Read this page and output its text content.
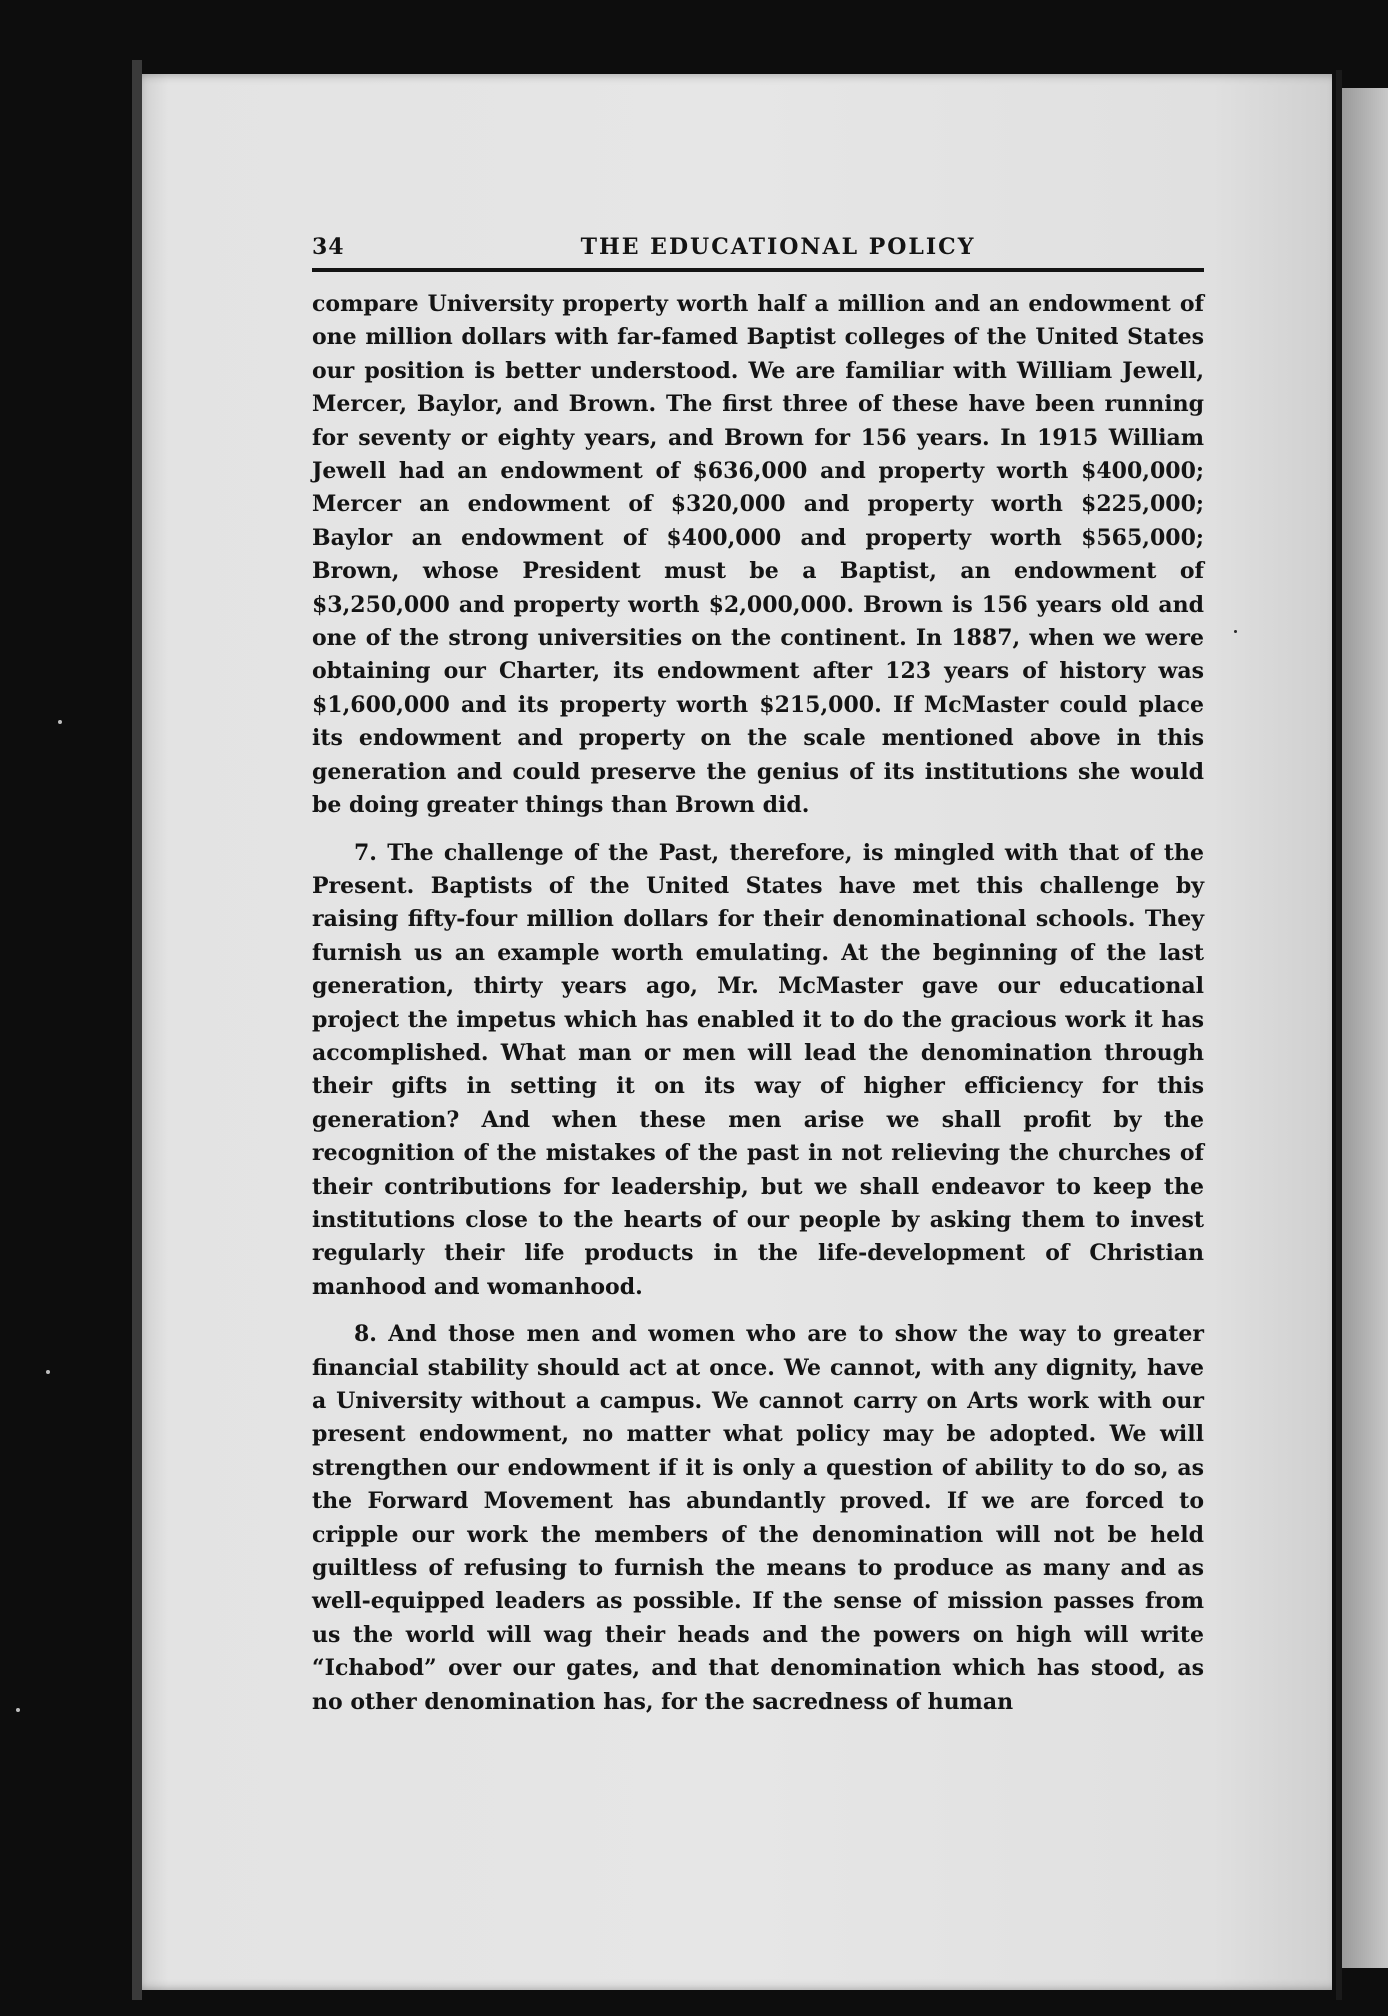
34	THE EDUCATIONAL POLICY

compare University property worth half a million and an endowment of one million dollars with far-famed Baptist colleges of the United States our position is better understood. We are familiar with William Jewell, Mercer, Baylor, and Brown. The first three of these have been running for seventy or eighty years, and Brown for 156 years. In 1915 William Jewell had an endowment of $636,000 and property worth $400,000; Mercer an endowment of $320,000 and property worth $225,000; Baylor an endowment of $400,000 and property worth $565,000; Brown, whose President must be a Baptist, an endowment of $3,250,000 and property worth $2,000,000. Brown is 156 years old and one of the strong universities on the continent. In 1887, when we were obtaining our Charter, its endowment after 123 years of history was $1,600,000 and its property worth $215,000. If McMaster could place its endowment and property on the scale mentioned above in this generation and could preserve the genius of its institutions she would be doing greater things than Brown did.

7. The challenge of the Past, therefore, is mingled with that of the Present. Baptists of the United States have met this challenge by raising fifty-four million dollars for their denominational schools. They furnish us an example worth emulating. At the beginning of the last generation, thirty years ago, Mr. McMaster gave our educational project the impetus which has enabled it to do the gracious work it has accomplished. What man or men will lead the denomination through their gifts in setting it on its way of higher efficiency for this generation? And when these men arise we shall profit by the recognition of the mistakes of the past in not relieving the churches of their contributions for leadership, but we shall endeavor to keep the institutions close to the hearts of our people by asking them to invest regularly their life products in the life-development of Christian manhood and womanhood.

8. And those men and women who are to show the way to greater financial stability should act at once. We cannot, with any dignity, have a University without a campus. We cannot carry on Arts work with our present endowment, no matter what policy may be adopted. We will strengthen our endowment if it is only a question of ability to do so, as the Forward Movement has abundantly proved. If we are forced to cripple our work the members of the denomination will not be held guiltless of refusing to furnish the means to produce as many and as well-equipped leaders as possible. If the sense of mission passes from us the world will wag their heads and the powers on high will write “Ichabod” over our gates, and that denomination which has stood, as no other denomination has, for the sacredness of human
